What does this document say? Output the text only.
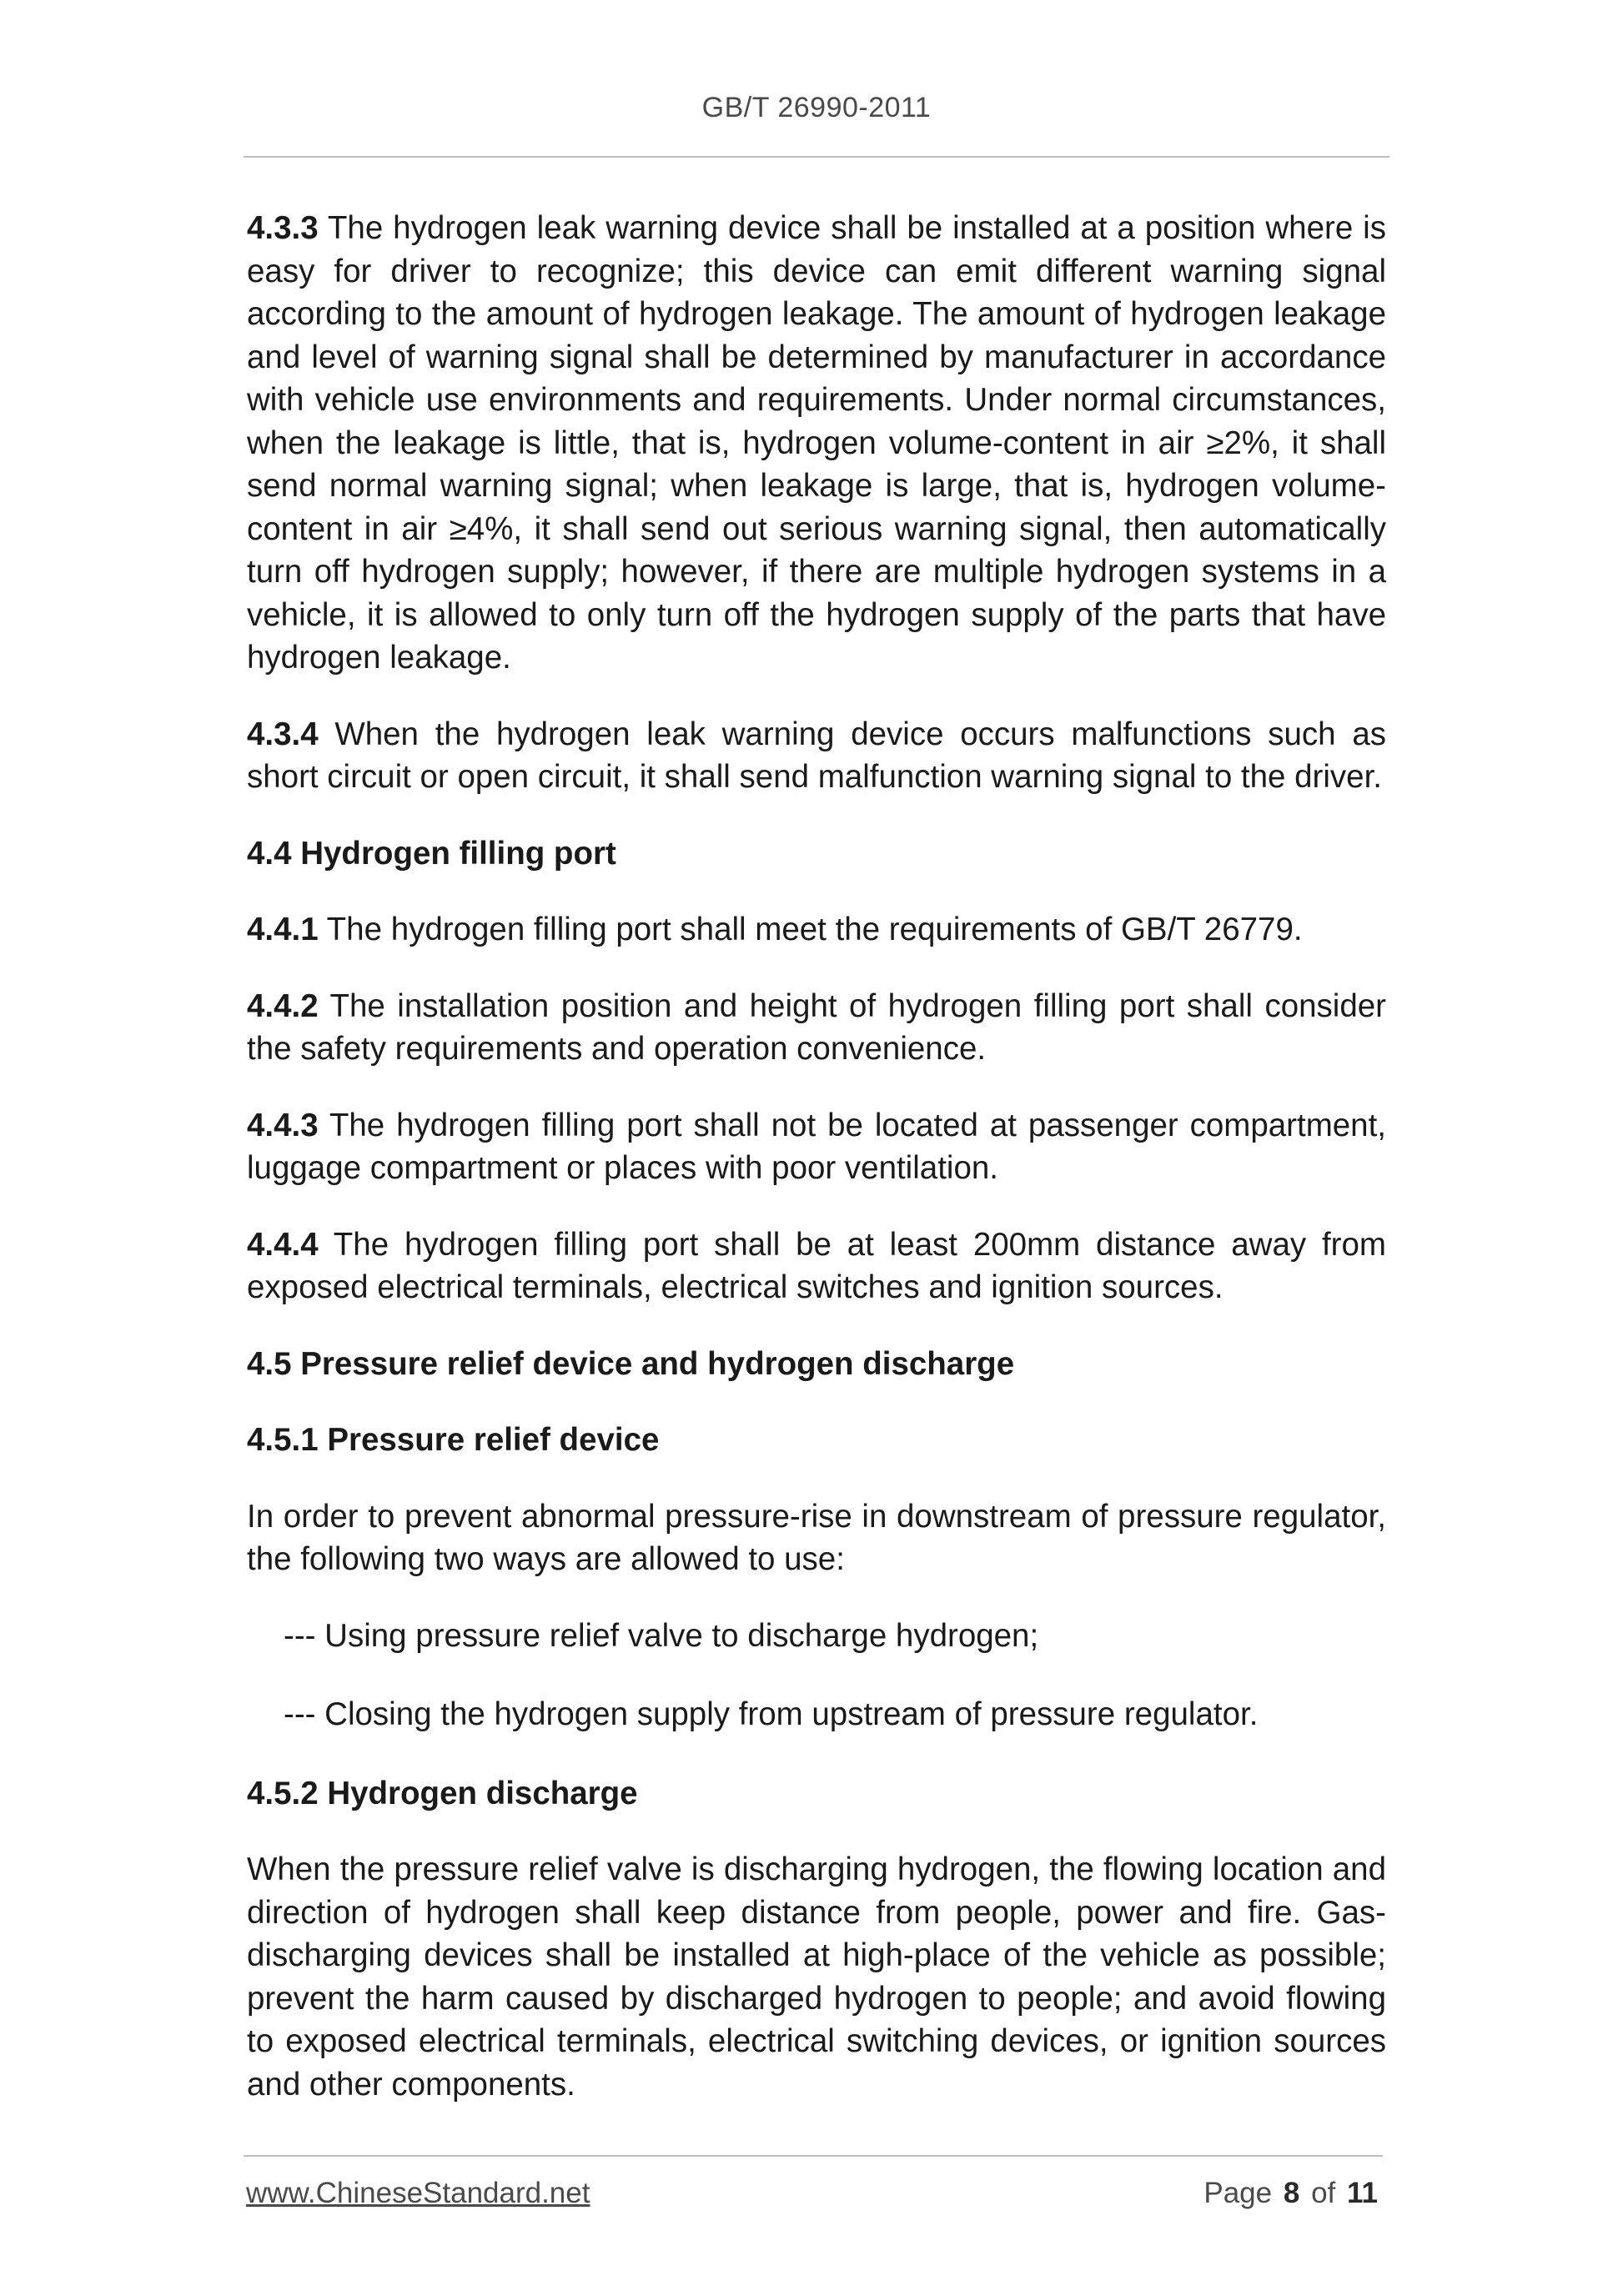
GB/T 26990-2011

4.3.3 The hydrogen leak warning device shall be installed at a position where is easy for driver to recognize; this device can emit different warning signal according to the amount of hydrogen leakage. The amount of hydrogen leakage and level of warning signal shall be determined by manufacturer in accordance with vehicle use environments and requirements. Under normal circumstances, when the leakage is little, that is, hydrogen volume-content in air ≥2%, it shall send normal warning signal; when leakage is large, that is, hydrogen volume-content in air ≥4%, it shall send out serious warning signal, then automatically turn off hydrogen supply; however, if there are multiple hydrogen systems in a vehicle, it is allowed to only turn off the hydrogen supply of the parts that have hydrogen leakage.

4.3.4 When the hydrogen leak warning device occurs malfunctions such as short circuit or open circuit, it shall send malfunction warning signal to the driver.

4.4 Hydrogen filling port

4.4.1 The hydrogen filling port shall meet the requirements of GB/T 26779.

4.4.2 The installation position and height of hydrogen filling port shall consider the safety requirements and operation convenience.

4.4.3 The hydrogen filling port shall not be located at passenger compartment, luggage compartment or places with poor ventilation.

4.4.4 The hydrogen filling port shall be at least 200mm distance away from exposed electrical terminals, electrical switches and ignition sources.

4.5 Pressure relief device and hydrogen discharge

4.5.1 Pressure relief device

In order to prevent abnormal pressure-rise in downstream of pressure regulator, the following two ways are allowed to use:

--- Using pressure relief valve to discharge hydrogen;

--- Closing the hydrogen supply from upstream of pressure regulator.

4.5.2 Hydrogen discharge

When the pressure relief valve is discharging hydrogen, the flowing location and direction of hydrogen shall keep distance from people, power and fire. Gas-discharging devices shall be installed at high-place of the vehicle as possible; prevent the harm caused by discharged hydrogen to people; and avoid flowing to exposed electrical terminals, electrical switching devices, or ignition sources and other components.

www.ChineseStandard.net	Page 8 of 11
